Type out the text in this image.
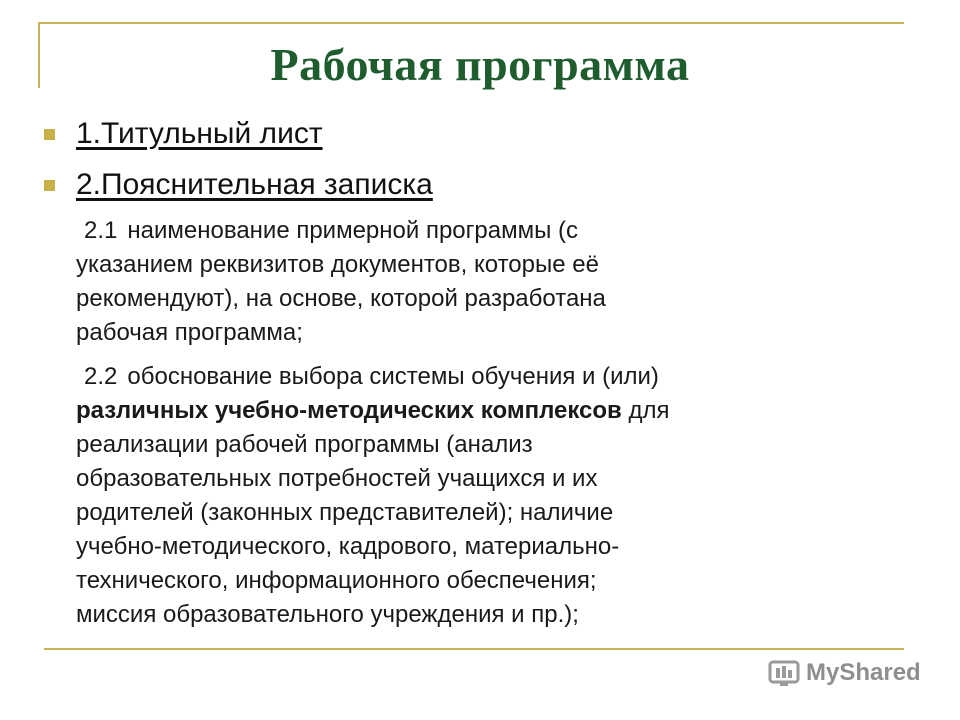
Рабочая программа
1.Титульный лист
2.Пояснительная записка
2.1 наименование примерной программы (с
указанием реквизитов документов, которые её
рекомендуют), на основе, которой разработана
рабочая программа;
2.2 обоснование выбора системы обучения и (или)
различных учебно-методических комплексов для
реализации рабочей программы (анализ
образовательных потребностей учащихся и их
родителей (законных представителей); наличие
учебно-методического, кадрового, материально-
технического, информационного обеспечения;
миссия образовательного учреждения и пр.);
MyShared
